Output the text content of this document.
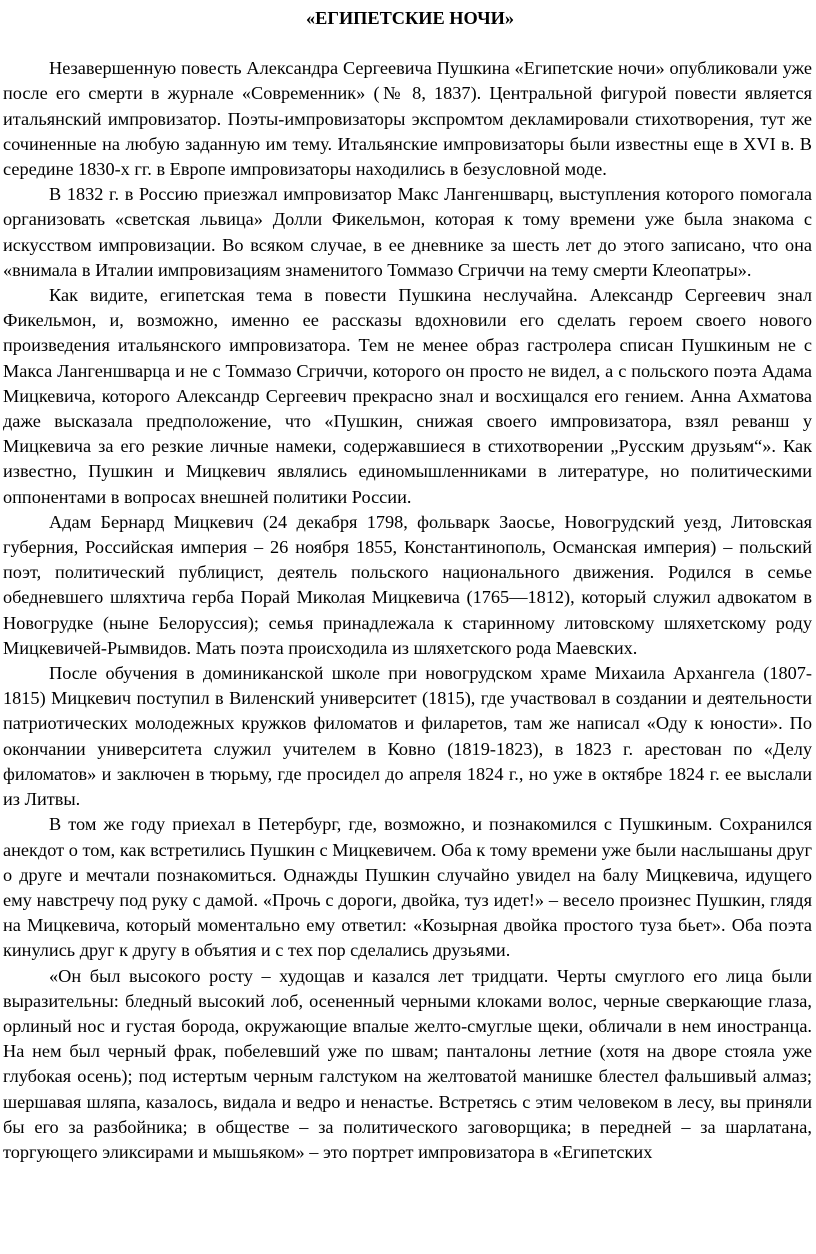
«ЕГИПЕТСКИЕ НОЧИ»

Незавершенную повесть Александра Сергеевича Пушкина «Египетские ночи» опубликовали уже после его смерти в журнале «Современник» (№ 8, 1837). Центральной фигурой повести является итальянский импровизатор. Поэты-импровизаторы экспромтом декламировали стихотворения, тут же сочиненные на любую заданную им тему. Итальянские импровизаторы были известны еще в XVI в. В середине 1830-х гг. в Европе импровизаторы находились в безусловной моде.

В 1832 г. в Россию приезжал импровизатор Макс Лангеншварц, выступления которого помогала организовать «светская львица» Долли Фикельмон, которая к тому времени уже была знакома с искусством импровизации. Во всяком случае, в ее дневнике за шесть лет до этого записано, что она «внимала в Италии импровизациям знаменитого Томмазо Сгриччи на тему смерти Клеопатры».

Как видите, египетская тема в повести Пушкина неслучайна. Александр Сергеевич знал Фикельмон, и, возможно, именно ее рассказы вдохновили его сделать героем своего нового произведения итальянского импровизатора. Тем не менее образ гастролера списан Пушкиным не с Макса Лангеншварца и не с Томмазо Сгриччи, которого он просто не видел, а с польского поэта Адама Мицкевича, которого Александр Сергеевич прекрасно знал и восхищался его гением. Анна Ахматова даже высказала предположение, что «Пушкин, снижая своего импровизатора, взял реванш у Мицкевича за его резкие личные намеки, содержавшиеся в стихотворении „Русским друзьям“». Как известно, Пушкин и Мицкевич являлись единомышленниками в литературе, но политическими оппонентами в вопросах внешней политики России.

Адам Бернард Мицкевич (24 декабря 1798, фольварк Заосье, Новогрудский уезд, Литовская губерния, Российская империя – 26 ноября 1855, Константинополь, Османская империя) – польский поэт, политический публицист, деятель польского национального движения. Родился в семье обедневшего шляхтича герба Порай Миколая Мицкевича (1765—1812), который служил адвокатом в Новогрудке (ныне Белоруссия); семья принадлежала к старинному литовскому шляхетскому роду Мицкевичей-Рымвидов. Мать поэта происходила из шляхетского рода Маевских.

После обучения в доминиканской школе при новогрудском храме Михаила Архангела (1807-1815) Мицкевич поступил в Виленский университет (1815), где участвовал в создании и деятельности патриотических молодежных кружков филоматов и филаретов, там же написал «Оду к юности». По окончании университета служил учителем в Ковно (1819-1823), в 1823 г. арестован по «Делу филоматов» и заключен в тюрьму, где просидел до апреля 1824 г., но уже в октябре 1824 г. ее выслали из Литвы.

В том же году приехал в Петербург, где, возможно, и познакомился с Пушкиным. Сохранился анекдот о том, как встретились Пушкин с Мицкевичем. Оба к тому времени уже были наслышаны друг о друге и мечтали познакомиться. Однажды Пушкин случайно увидел на балу Мицкевича, идущего ему навстречу под руку с дамой. «Прочь с дороги, двойка, туз идет!» – весело произнес Пушкин, глядя на Мицкевича, который моментально ему ответил: «Козырная двойка простого туза бьет». Оба поэта кинулись друг к другу в объятия и с тех пор сделались друзьями.

«Он был высокого росту – худощав и казался лет тридцати. Черты смуглого его лица были выразительны: бледный высокий лоб, осененный черными клоками волос, черные сверкающие глаза, орлиный нос и густая борода, окружающие впалые желто-смуглые щеки, обличали в нем иностранца. На нем был черный фрак, побелевший уже по швам; панталоны летние (хотя на дворе стояла уже глубокая осень); под истертым черным галстуком на желтоватой манишке блестел фальшивый алмаз; шершавая шляпа, казалось, видала и ведро и ненастье. Встретясь с этим человеком в лесу, вы приняли бы его за разбойника; в обществе – за политического заговорщика; в передней – за шарлатана, торгующего эликсирами и мышьяком» – это портрет импровизатора в «Египетских
